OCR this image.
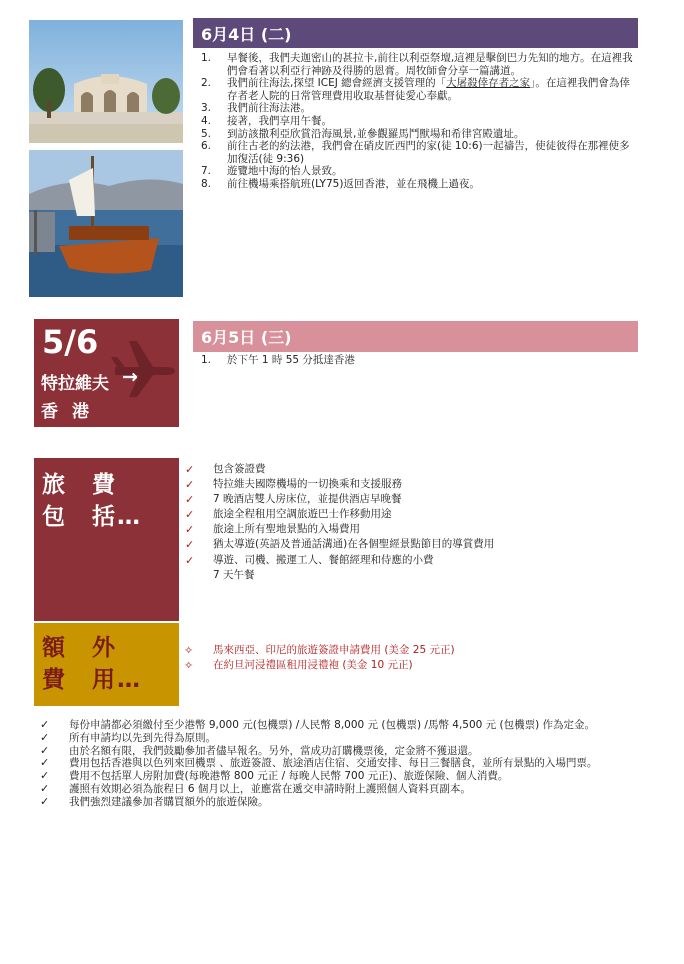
6月4日 (二)
1. 早餐後，我們夫迦密山的甚拉卡,前往以利亞祭壇,這裡是擊倒巴力先知的地方。在這裡我們會看著以利亞行神跡及得勝的恩膏。周牧師會分享一篇講道。
2. 我們前往海法,探望 ICEJ 總會經濟支援管理的「大屠殺倖存者之家」。在這裡我們會為倖存者老人院的日常管理費用收取基督徒愛心奉獻。
3. 我們前往海法港。
4. 接著，我們享用午餐。
5. 到訪該撒利亞欣賞沿海風景,並參觀羅馬鬥獸場和希律宮殿遺址。
6. 前往古老的約法港，我們會在硝皮匠西門的家(徒 10:6)一起禱告，使徒彼得在那裡使多加復活(徒 9:36)
7. 遊覽地中海的怡人景致。
8. 前往機場乘搭航班(LY75)返回香港，並在飛機上過夜。
5/6
特拉維夫 →
香港
6月5日 (三)
1. 於下午 1 時 55 分抵達香港
旅　費
包　括…
✓ 包含簽證費
✓ 特拉維夫國際機場的一切換乘和支援服務
✓ 7 晚酒店雙人房床位，並提供酒店早晚餐
✓ 旅途全程租用空調旅遊巴士作移動用途
✓ 旅途上所有聖地景點的入場費用
✓ 猶太導遊(英語及普通話溝通)在各個聖經景點節目的導賞費用
✓ 導遊、司機、搬運工人、餐館經理和侍應的小費
7 天午餐
額　外
費　用…
✧ 馬來西亞、印尼的旅遊簽證申請費用 (美金 25 元正)
✧ 在約旦河浸禮區租用浸禮袍 (美金 10 元正)
✓ 每份申請都必須繳付至少港幣 9,000 元(包機票) /人民幣 8,000 元 (包機票) /馬幣 4,500 元 (包機票) 作為定金。
✓ 所有申請均以先到先得為原則。
✓ 由於名額有限，我們鼓勵參加者儘早報名。另外，當成功訂購機票後，定金將不獲退還。
✓ 費用包括香港與以色列來回機票 、旅遊簽證、旅途酒店住宿、交通安排、每日三餐膳食，並所有景點的入場門票。
✓ 費用不包括單人房附加費(每晚港幣 800 元正 / 每晚人民幣 700 元正)、旅遊保險、個人消費。
✓ 護照有效期必須為旅程日 6 個月以上，並應當在遞交申請時附上護照個人資料頁副本。
✓ 我們強烈建議參加者購買額外的旅遊保險。
